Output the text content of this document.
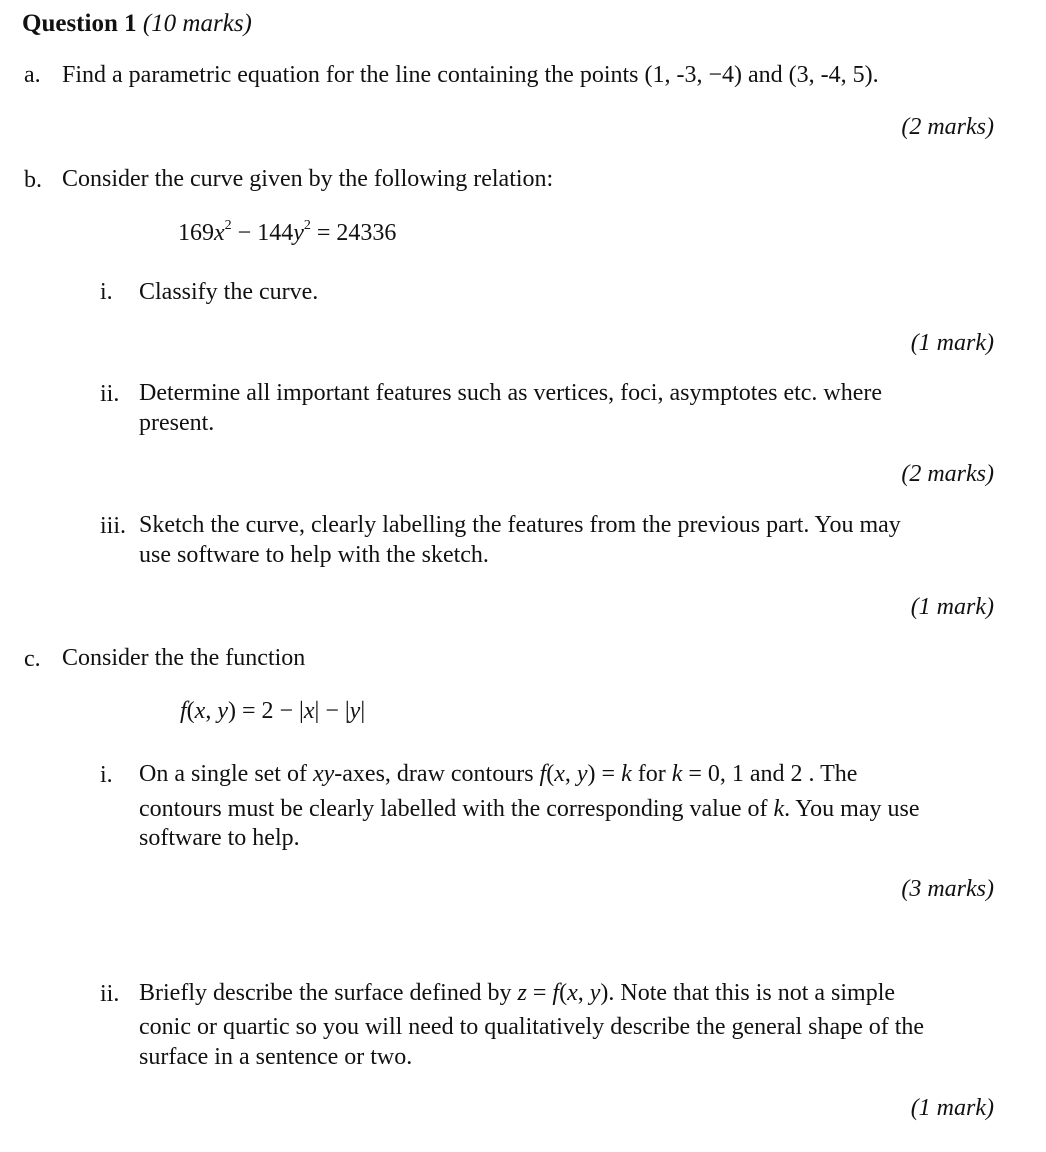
Question 1 (10 marks)
a. Find a parametric equation for the line containing the points (1, -3, −4) and (3, -4, 5).
(2 marks)
b. Consider the curve given by the following relation:
$169x^2 - 144y^2 = 24336$
i. Classify the curve.
(1 mark)
ii. Determine all important features such as vertices, foci, asymptotes etc. where
present.
(2 marks)
iii. Sketch the curve, clearly labelling the features from the previous part. You may
use software to help with the sketch.
(1 mark)
c. Consider the the function
f(x, y) = 2 − |x| − |y|
i. On a single set of xy-axes, draw contours f(x, y) = k for k = 0, 1 and 2 . The
contours must be clearly labelled with the corresponding value of k. You may use
software to help.
(3 marks)
ii. Briefly describe the surface defined by z = f(x, y). Note that this is not a simple
conic or quartic so you will need to qualitatively describe the general shape of the
surface in a sentence or two.
(1 mark)
